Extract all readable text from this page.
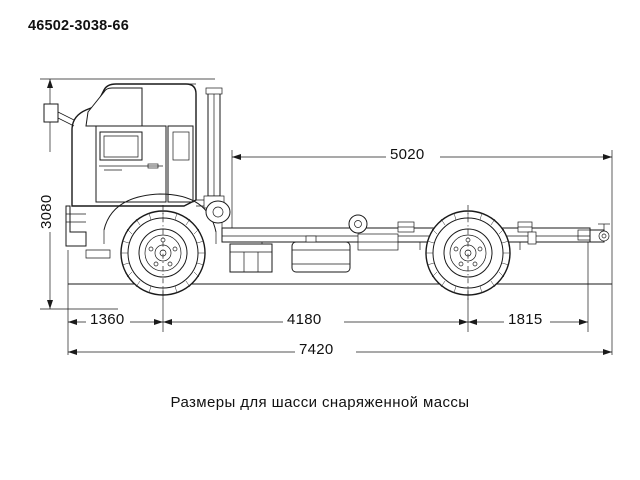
46502-3038-66
3080
5020
1360	4180	1815
7420
Размеры для шасси снаряженной массы
